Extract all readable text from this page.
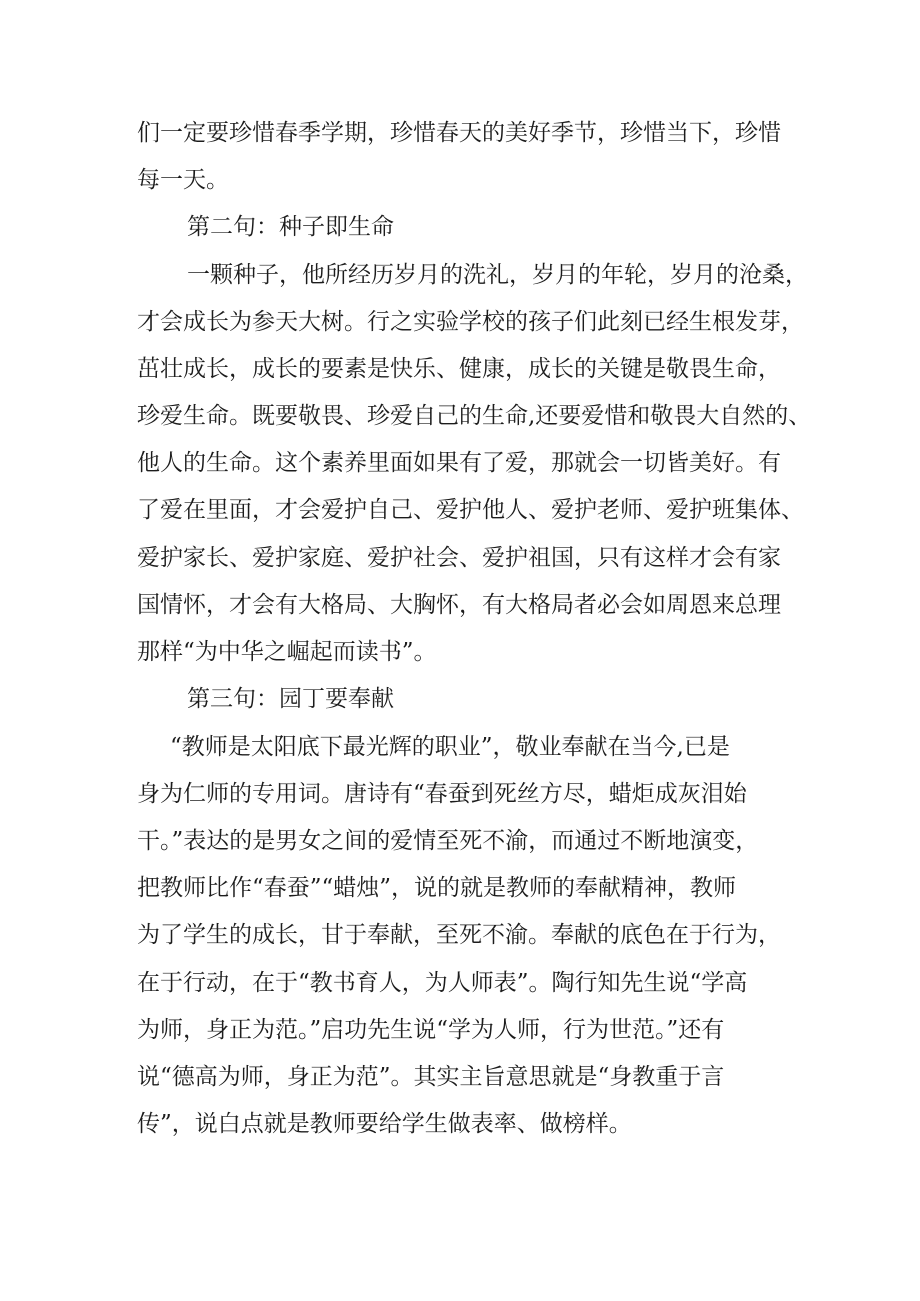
们一定要珍惜春季学期，珍惜春天的美好季节，珍惜当下，珍惜
每一天。
第二句：种子即生命
一颗种子，他所经历岁月的洗礼，岁月的年轮，岁月的沧桑，
才会成长为参天大树。行之实验学校的孩子们此刻已经生根发芽，
茁壮成长，成长的要素是快乐、健康，成长的关键是敬畏生命，
珍爱生命。既要敬畏、珍爱自己的生命,还要爱惜和敬畏大自然的、
他人的生命。这个素养里面如果有了爱，那就会一切皆美好。有
了爱在里面，才会爱护自己、爱护他人、爱护老师、爱护班集体、
爱护家长、爱护家庭、爱护社会、爱护祖国，只有这样才会有家
国情怀，才会有大格局、大胸怀，有大格局者必会如周恩来总理
那样“为中华之崛起而读书”。
第三句：园丁要奉献
“教师是太阳底下最光辉的职业”，敬业奉献在当今,已是
身为仁师的专用词。唐诗有“春蚕到死丝方尽，蜡炬成灰泪始
干。”表达的是男女之间的爱情至死不渝，而通过不断地演变，
把教师比作“春蚕”“蜡烛”，说的就是教师的奉献精神，教师
为了学生的成长，甘于奉献，至死不渝。奉献的底色在于行为，
在于行动，在于“教书育人，为人师表”。陶行知先生说“学高
为师，身正为范。”启功先生说“学为人师，行为世范。”还有
说“德高为师，身正为范”。其实主旨意思就是“身教重于言
传”，说白点就是教师要给学生做表率、做榜样。
